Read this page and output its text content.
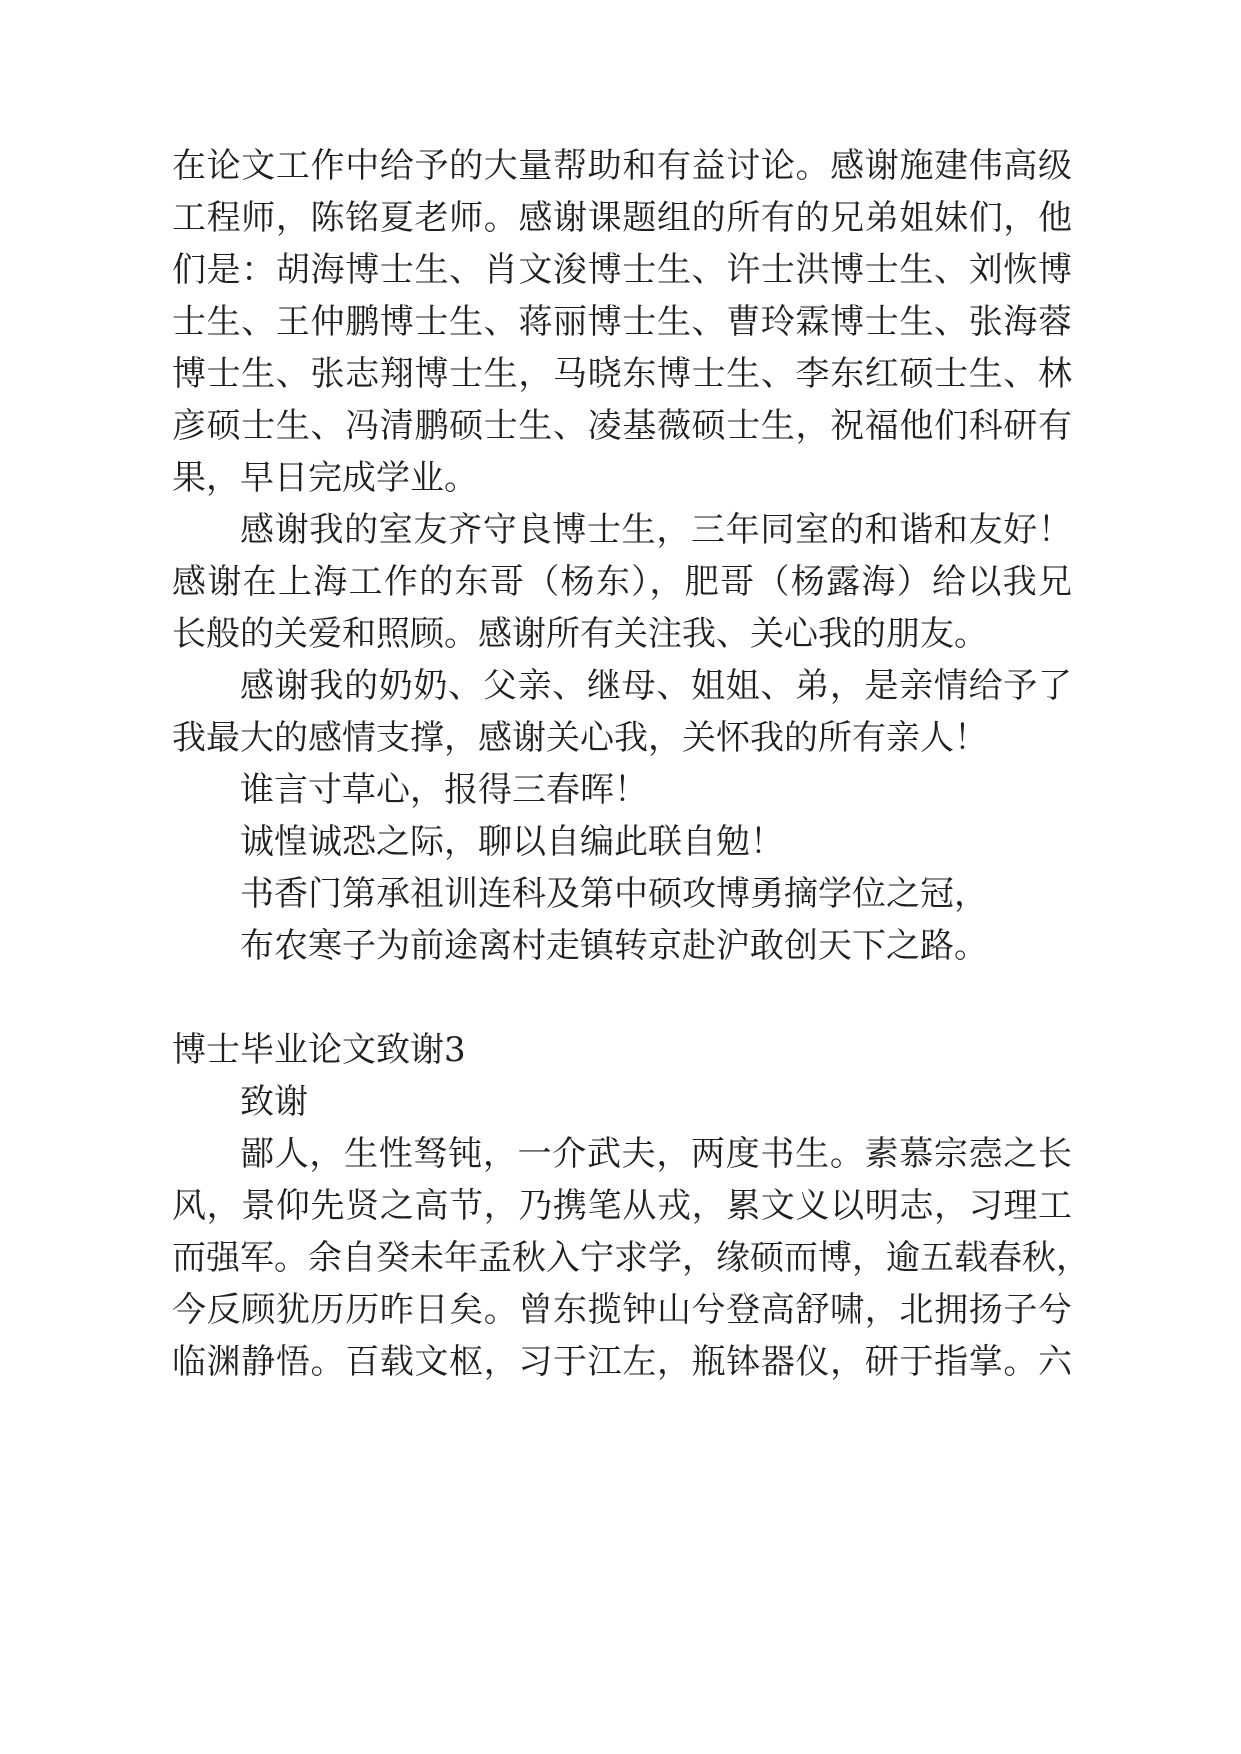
在论文工作中给予的大量帮助和有益讨论。感谢施建伟高级
工程师，陈铭夏老师。感谢课题组的所有的兄弟姐妹们，他
们是：胡海博士生、肖文浚博士生、许士洪博士生、刘恢博
士生、王仲鹏博士生、蒋丽博士生、曹玲霖博士生、张海蓉
博士生、张志翔博士生，马晓东博士生、李东红硕士生、林
彦硕士生、冯清鹏硕士生、凌基薇硕士生，祝福他们科研有
果，早日完成学业。
感谢我的室友齐守良博士生，三年同室的和谐和友好！
感谢在上海工作的东哥（杨东），肥哥（杨露海）给以我兄
长般的关爱和照顾。感谢所有关注我、关心我的朋友。
感谢我的奶奶、父亲、继母、姐姐、弟，是亲情给予了
我最大的感情支撑，感谢关心我，关怀我的所有亲人！
谁言寸草心，报得三春晖！
诚惶诚恐之际，聊以自编此联自勉！
书香门第承祖训连科及第中硕攻博勇摘学位之冠，
布农寒子为前途离村走镇转京赴沪敢创天下之路。
博士毕业论文致谢3
致谢
鄙人，生性驽钝，一介武夫，两度书生。素慕宗悫之长
风，景仰先贤之高节，乃携笔从戎，累文义以明志，习理工
而强军。余自癸未年孟秋入宁求学，缘硕而博，逾五载春秋，
今反顾犹历历昨日矣。曾东揽钟山兮登高舒啸，北拥扬子兮
临渊静悟。百载文枢，习于江左，瓶钵器仪，研于指掌。六
